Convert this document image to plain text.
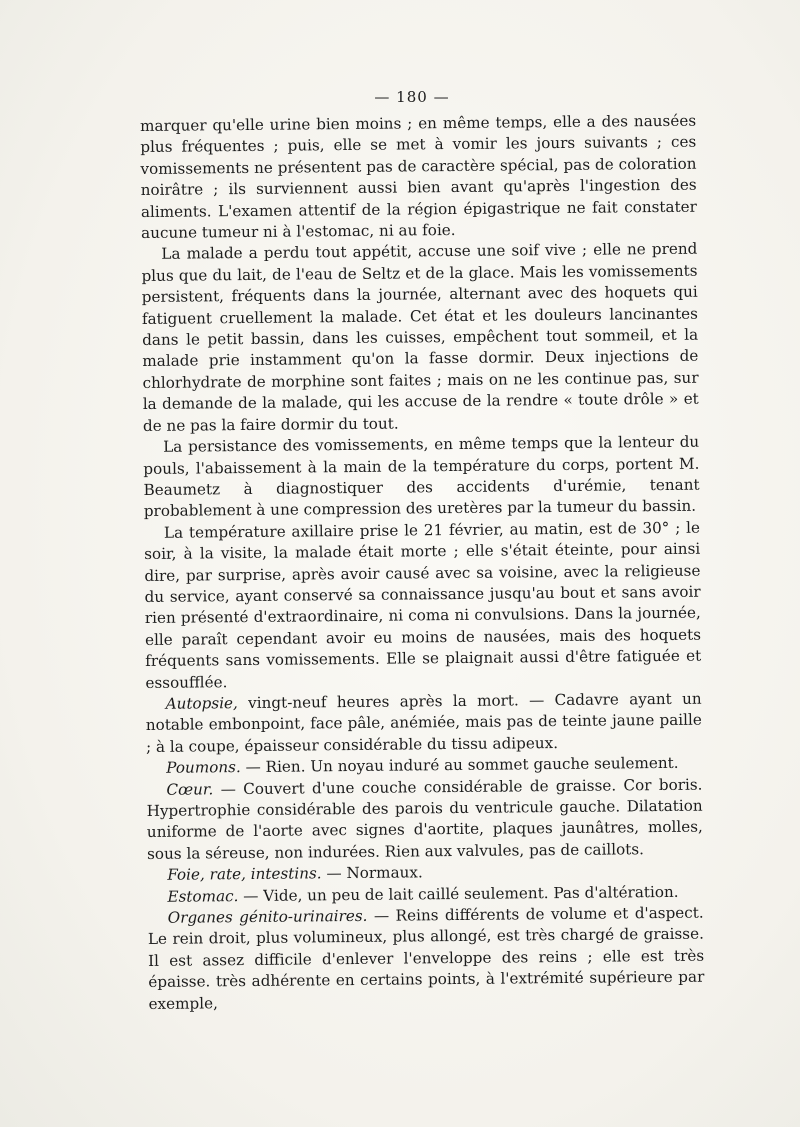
— 180 —

marquer qu'elle urine bien moins ; en même temps, elle a des nausées plus fréquentes ; puis, elle se met à vomir les jours suivants ; ces vomissements ne présentent pas de caractère spécial, pas de coloration noirâtre ; ils surviennent aussi bien avant qu'après l'ingestion des aliments. L'examen attentif de la région épigastrique ne fait constater aucune tumeur ni à l'estomac, ni au foie.

La malade a perdu tout appétit, accuse une soif vive ; elle ne prend plus que du lait, de l'eau de Seltz et de la glace. Mais les vomissements persistent, fréquents dans la journée, alternant avec des hoquets qui fatiguent cruellement la malade. Cet état et les douleurs lancinantes dans le petit bassin, dans les cuisses, empêchent tout sommeil, et la malade prie instamment qu'on la fasse dormir. Deux injections de chlorhydrate de morphine sont faites ; mais on ne les continue pas, sur la demande de la malade, qui les accuse de la rendre « toute drôle » et de ne pas la faire dormir du tout.

La persistance des vomissements, en même temps que la lenteur du pouls, l'abaissement à la main de la température du corps, portent M. Beaumetz à diagnostiquer des accidents d'urémie, tenant probablement à une compression des uretères par la tumeur du bassin.

La température axillaire prise le 21 février, au matin, est de 30° ; le soir, à la visite, la malade était morte ; elle s'était éteinte, pour ainsi dire, par surprise, après avoir causé avec sa voisine, avec la religieuse du service, ayant conservé sa connaissance jusqu'au bout et sans avoir rien présenté d'extraordinaire, ni coma ni convulsions. Dans la journée, elle paraît cependant avoir eu moins de nausées, mais des hoquets fréquents sans vomissements. Elle se plaignait aussi d'être fatiguée et essoufflée.

Autopsie, vingt-neuf heures après la mort. — Cadavre ayant un notable embonpoint, face pâle, anémiée, mais pas de teinte jaune paille ; à la coupe, épaisseur considérable du tissu adipeux.

Poumons. — Rien. Un noyau induré au sommet gauche seulement.

Cœur. — Couvert d'une couche considérable de graisse. Cor boris. Hypertrophie considérable des parois du ventricule gauche. Dilatation uniforme de l'aorte avec signes d'aortite, plaques jaunâtres, molles, sous la séreuse, non indurées. Rien aux valvules, pas de caillots.

Foie, rate, intestins. — Normaux.

Estomac. — Vide, un peu de lait caillé seulement. Pas d'altération.

Organes génito-urinaires. — Reins différents de volume et d'aspect. Le rein droit, plus volumineux, plus allongé, est très chargé de graisse. Il est assez difficile d'enlever l'enveloppe des reins ; elle est très épaisse. très adhérente en certains points, à l'extrémité supérieure par exemple,
